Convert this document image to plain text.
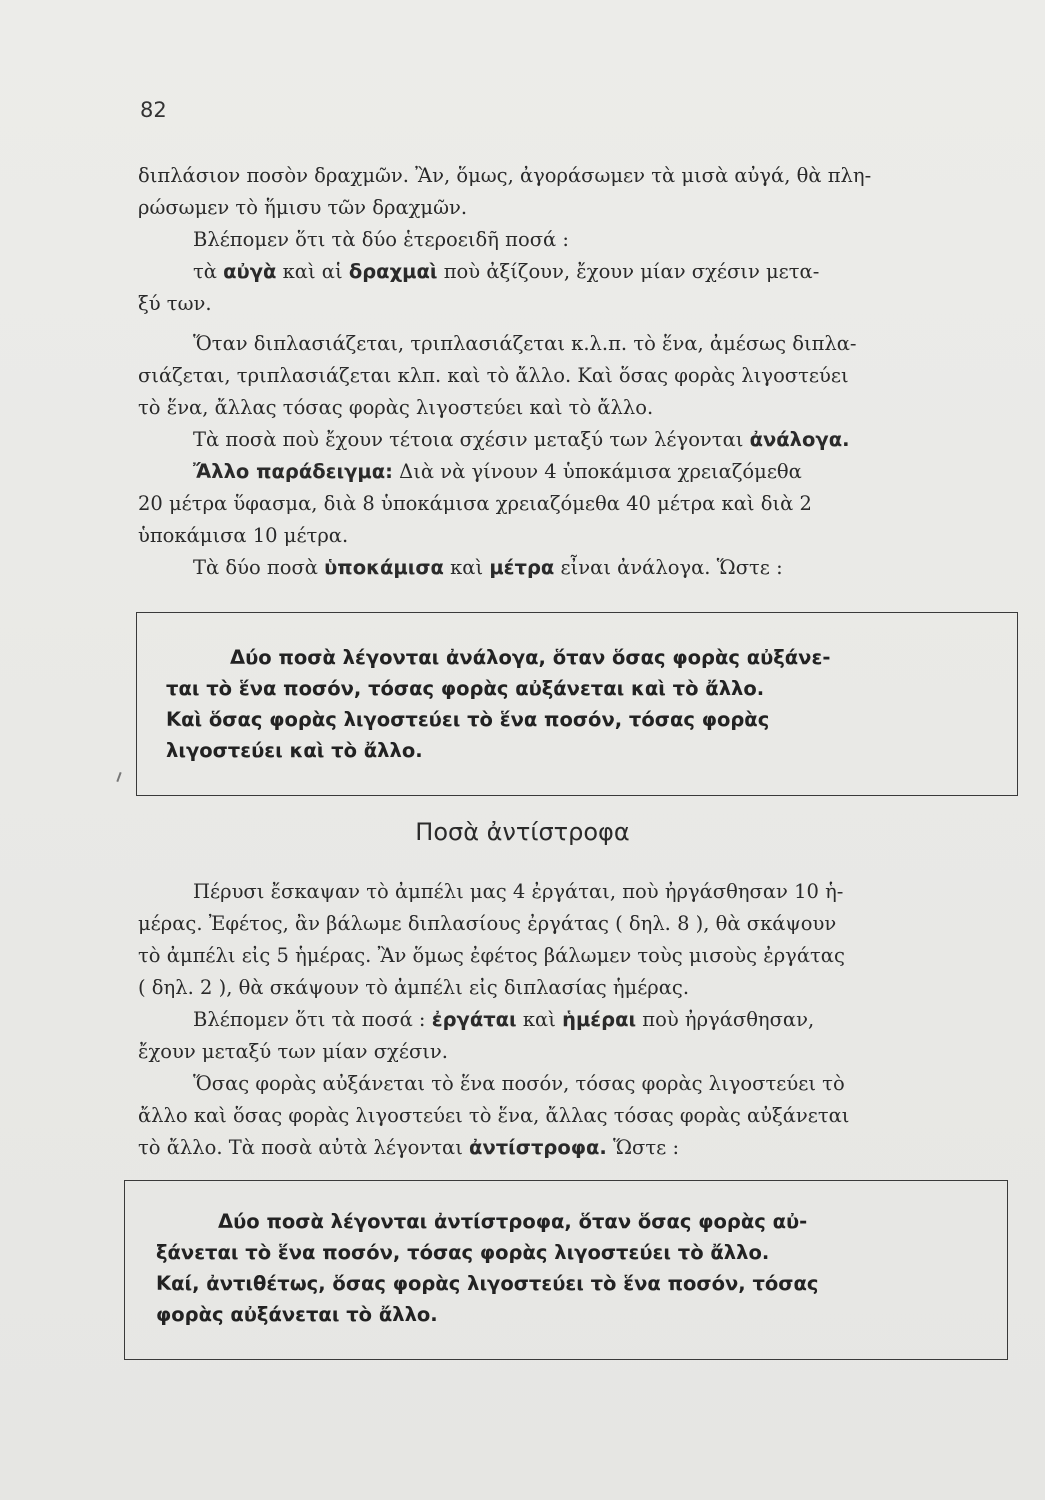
82
διπλάσιον ποσὸν δραχμῶν. Ἂν, ὅμως, ἀγοράσωμεν τὰ μισὰ αὐγά, θὰ πλη-
ρώσωμεν τὸ ἥμισυ τῶν δραχμῶν.
Βλέπομεν ὅτι τὰ δύο ἑτεροειδῆ ποσά :
τὰ αὐγὰ καὶ αἱ δραχμαὶ ποὺ ἀξίζουν, ἔχουν μίαν σχέσιν μετα-
ξύ των.
Ὅταν διπλασιάζεται, τριπλασιάζεται κ.λ.π. τὸ ἕνα, ἀμέσως διπλα-
σιάζεται, τριπλασιάζεται κλπ. καὶ τὸ ἄλλο. Καὶ ὅσας φορὰς λιγοστεύει
τὸ ἕνα, ἄλλας τόσας φορὰς λιγοστεύει καὶ τὸ ἄλλο.
Τὰ ποσὰ ποὺ ἔχουν τέτοια σχέσιν μεταξύ των λέγονται ἀνάλογα.
Ἄλλο παράδειγμα: Διὰ νὰ γίνουν 4 ὑποκάμισα χρειαζόμεθα
20 μέτρα ὕφασμα, διὰ 8 ὑποκάμισα χρειαζόμεθα 40 μέτρα καὶ διὰ 2
ὑποκάμισα 10 μέτρα.
Τὰ δύο ποσὰ ὑποκάμισα καὶ μέτρα εἶναι ἀνάλογα. Ὥστε :
Δύο ποσὰ λέγονται ἀνάλογα, ὅταν ὅσας φορὰς αὐξάνε-
ται τὸ ἕνα ποσόν, τόσας φορὰς αὐξάνεται καὶ τὸ ἄλλο.
Καὶ ὅσας φορὰς λιγοστεύει τὸ ἕνα ποσόν, τόσας φορὰς
λιγοστεύει καὶ τὸ ἄλλο.
Ποσὰ ἀντίστροφα
Πέρυσι ἔσκαψαν τὸ ἀμπέλι μας 4 ἐργάται, ποὺ ἠργάσθησαν 10 ἡ-
μέρας. Ἐφέτος, ἂν βάλωμε διπλασίους ἐργάτας ( δηλ. 8 ), θὰ σκάψουν
τὸ ἀμπέλι εἰς 5 ἡμέρας. Ἂν ὅμως ἐφέτος βάλωμεν τοὺς μισοὺς ἐργάτας
( δηλ. 2 ), θὰ σκάψουν τὸ ἀμπέλι εἰς διπλασίας ἡμέρας.
Βλέπομεν ὅτι τὰ ποσά : ἐργάται καὶ ἡμέραι ποὺ ἠργάσθησαν,
ἔχουν μεταξύ των μίαν σχέσιν.
Ὅσας φορὰς αὐξάνεται τὸ ἕνα ποσόν, τόσας φορὰς λιγοστεύει τὸ
ἄλλο καὶ ὅσας φορὰς λιγοστεύει τὸ ἕνα, ἄλλας τόσας φορὰς αὐξάνεται
τὸ ἄλλο. Τὰ ποσὰ αὐτὰ λέγονται ἀντίστροφα. Ὥστε :
Δύο ποσὰ λέγονται ἀντίστροφα, ὅταν ὅσας φορὰς αὐ-
ξάνεται τὸ ἕνα ποσόν, τόσας φορὰς λιγοστεύει τὸ ἄλλο.
Καί, ἀντιθέτως, ὅσας φορὰς λιγοστεύει τὸ ἕνα ποσόν, τόσας
φορὰς αὐξάνεται τὸ ἄλλο.
